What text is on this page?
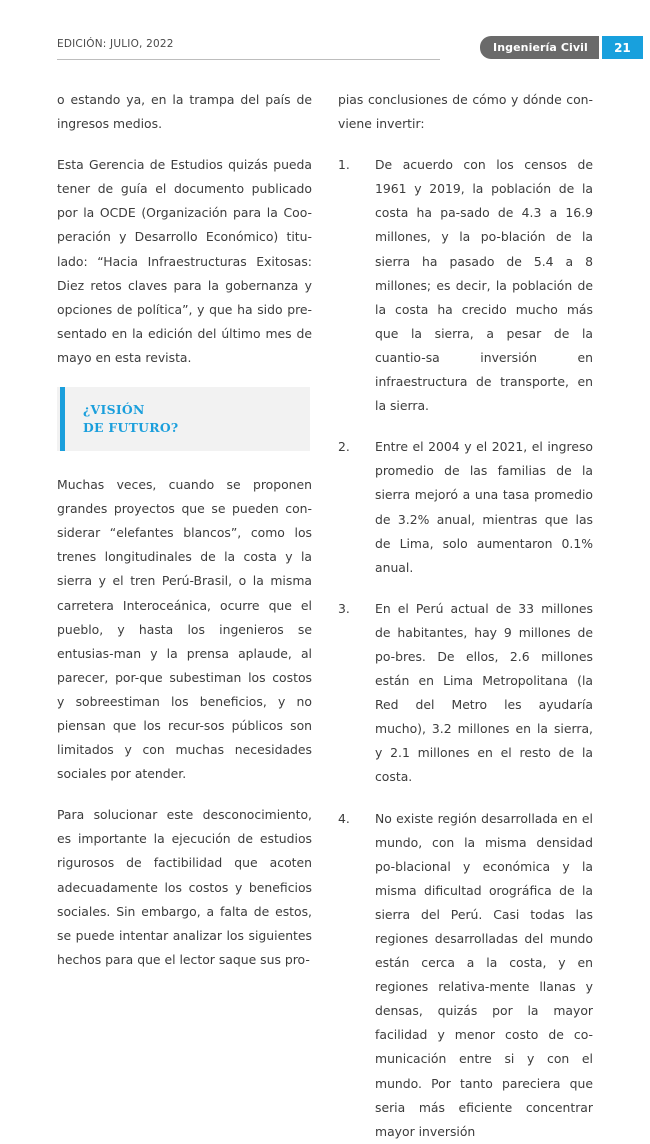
EDICIÓN: JULIO, 2022	Ingeniería Civil	21

o estando ya, en la trampa del país de ingresos medios.

Esta Gerencia de Estudios quizás pueda tener de guía el documento publicado por la OCDE (Organización para la Coo-peración y Desarrollo Económico) titu-lado: “Hacia Infraestructuras Exitosas: Diez retos claves para la gobernanza y opciones de política”, y que ha sido pre-sentado en la edición del último mes de mayo en esta revista.

¿VISIÓN
DE FUTURO?

Muchas veces, cuando se proponen grandes proyectos que se pueden con-siderar “elefantes blancos”, como los trenes longitudinales de la costa y la sierra y el tren Perú-Brasil, o la misma carretera Interoceánica, ocurre que el pueblo, y hasta los ingenieros se entusias-man y la prensa aplaude, al parecer, por-que subestiman los costos y sobreestiman los beneficios, y no piensan que los recur-sos públicos son limitados y con muchas necesidades sociales por atender.

Para solucionar este desconocimiento, es importante la ejecución de estudios rigurosos de factibilidad que acoten adecuadamente los costos y beneficios sociales. Sin embargo, a falta de estos, se puede intentar analizar los siguientes hechos para que el lector saque sus pro-

pias conclusiones de cómo y dónde con-viene invertir:

1. De acuerdo con los censos de 1961 y 2019, la población de la costa ha pa-sado de 4.3 a 16.9 millones, y la po-blación de la sierra ha pasado de 5.4 a 8 millones; es decir, la población de la costa ha crecido mucho más que la sierra, a pesar de la cuantio-sa inversión en infraestructura de transporte, en la sierra.
2. Entre el 2004 y el 2021, el ingreso promedio de las familias de la sierra mejoró a una tasa promedio de 3.2% anual, mientras que las de Lima, solo aumentaron 0.1% anual.
3. En el Perú actual de 33 millones de habitantes, hay 9 millones de po-bres. De ellos, 2.6 millones están en Lima Metropolitana (la Red del Metro les ayudaría mucho), 3.2 millones en la sierra, y 2.1 millones en el resto de la costa.
4. No existe región desarrollada en el mundo, con la misma densidad po-blacional y económica y la misma dificultad orográfica de la sierra del Perú. Casi todas las regiones desarrolladas del mundo están cerca a la costa, y en regiones relativa-mente llanas y densas, quizás por la mayor facilidad y menor costo de co-municación entre si y con el mundo. Por tanto pareciera que seria más eficiente concentrar mayor inversión
